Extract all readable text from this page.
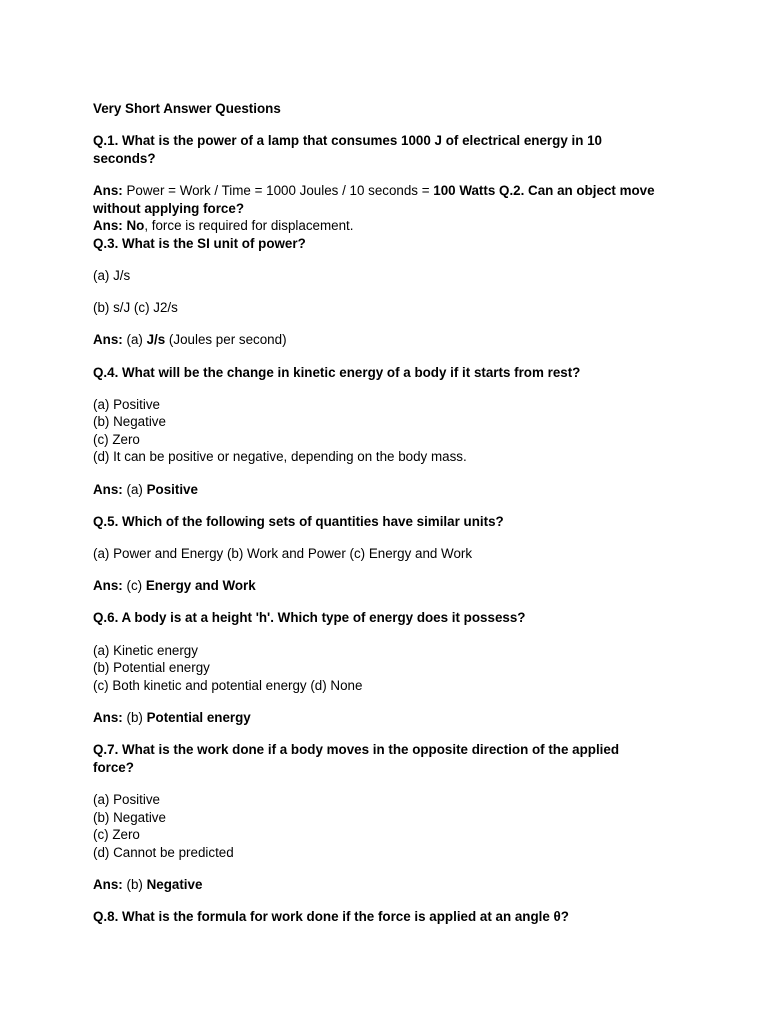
Very Short Answer Questions

Q.1. What is the power of a lamp that consumes 1000 J of electrical energy in 10 seconds?

Ans: Power = Work / Time = 1000 Joules / 10 seconds = 100 Watts Q.2. Can an object move without applying force?

Ans: No, force is required for displacement.

Q.3. What is the SI unit of power?

(a) J/s

(b) s/J (c) J2/s

Ans: (a) J/s (Joules per second)

Q.4. What will be the change in kinetic energy of a body if it starts from rest?

(a) Positive

(b) Negative

(c) Zero

(d) It can be positive or negative, depending on the body mass.

Ans: (a) Positive

Q.5. Which of the following sets of quantities have similar units?

(a) Power and Energy (b) Work and Power (c) Energy and Work

Ans: (c) Energy and Work

Q.6. A body is at a height 'h'. Which type of energy does it possess?

(a) Kinetic energy

(b) Potential energy

(c) Both kinetic and potential energy (d) None

Ans: (b) Potential energy

Q.7. What is the work done if a body moves in the opposite direction of the applied force?

(a) Positive

(b) Negative

(c) Zero

(d) Cannot be predicted

Ans: (b) Negative

Q.8. What is the formula for work done if the force is applied at an angle θ?
